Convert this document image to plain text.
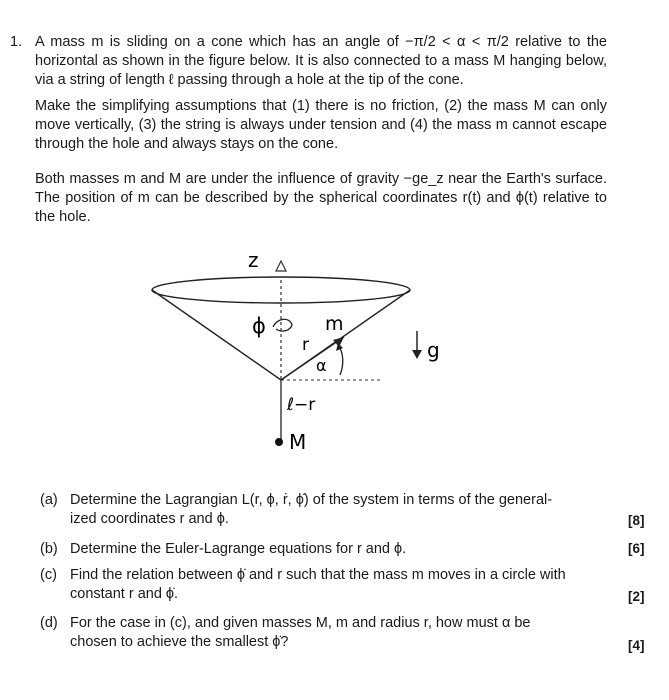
1. A mass m is sliding on a cone which has an angle of −π/2 < α < π/2 relative to the horizontal as shown in the figure below. It is also connected to a mass M hanging below, via a string of length ℓ passing through a hole at the tip of the cone.

Make the simplifying assumptions that (1) there is no friction, (2) the mass M can only move vertically, (3) the string is always under tension and (4) the mass m cannot escape through the hole and always stays on the cone.

Both masses m and M are under the influence of gravity −ge_z near the Earth's surface. The position of m can be described by the spherical coordinates r(t) and ϕ(t) relative to the hole.

z
ϕ	m
r
α
g
ℓ−r
M
(a) Determine the Lagrangian L(r, ϕ, ṙ, ϕ̇) of the system in terms of the general-
ized coordinates r and ϕ.	[8]
(b) Determine the Euler-Lagrange equations for r and ϕ.	[6]
(c) Find the relation between ϕ̇ and r such that the mass m moves in a circle with
constant r and ϕ̇.	[2]
(d) For the case in (c), and given masses M, m and radius r, how must α be
chosen to achieve the smallest ϕ̇?	[4]
